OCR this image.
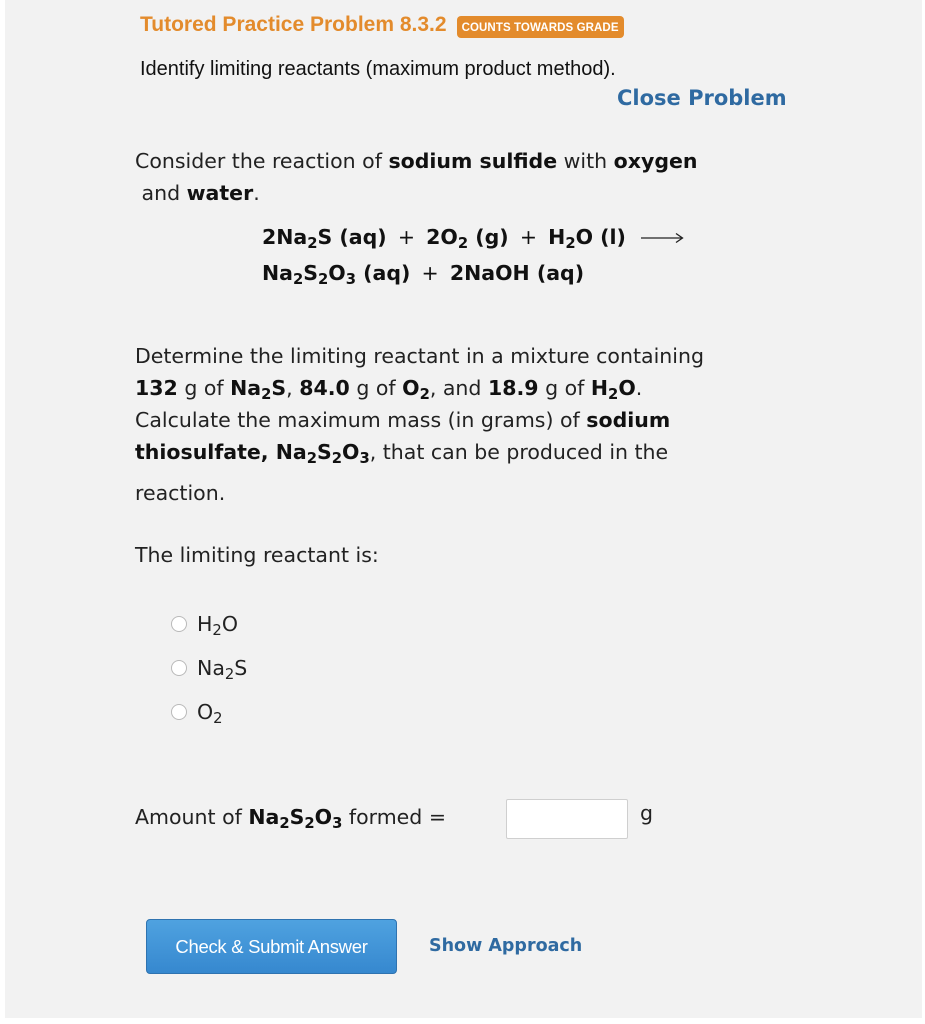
Tutored Practice Problem 8.3.2	COUNTS TOWARDS GRADE
Identify limiting reactants (maximum product method).
Close Problem
Consider the reaction of sodium sulfide with oxygen
and water.
$2Na_2S$ $(aq) + 2O_2$ $(g) + H_2O$ (l) →
$Na_2S_2O_3$ (aq) + 2NaOH (aq)
Determine the limiting reactant in a mixture containing
132 g of $Na_2S$, 84.0 g of $O_2$, and 18.9 g of $H_2O$.
Calculate the maximum mass (in grams) of sodium
thiosulfate, $Na_2S_2O_3$, that can be produced in the
reaction.
The limiting reactant is:
$H_2O$
$Na_2S$
$O_2$
Amount of $Na_2S_2O_3$ formed =	g
Check & Submit Answer	Show Approach
